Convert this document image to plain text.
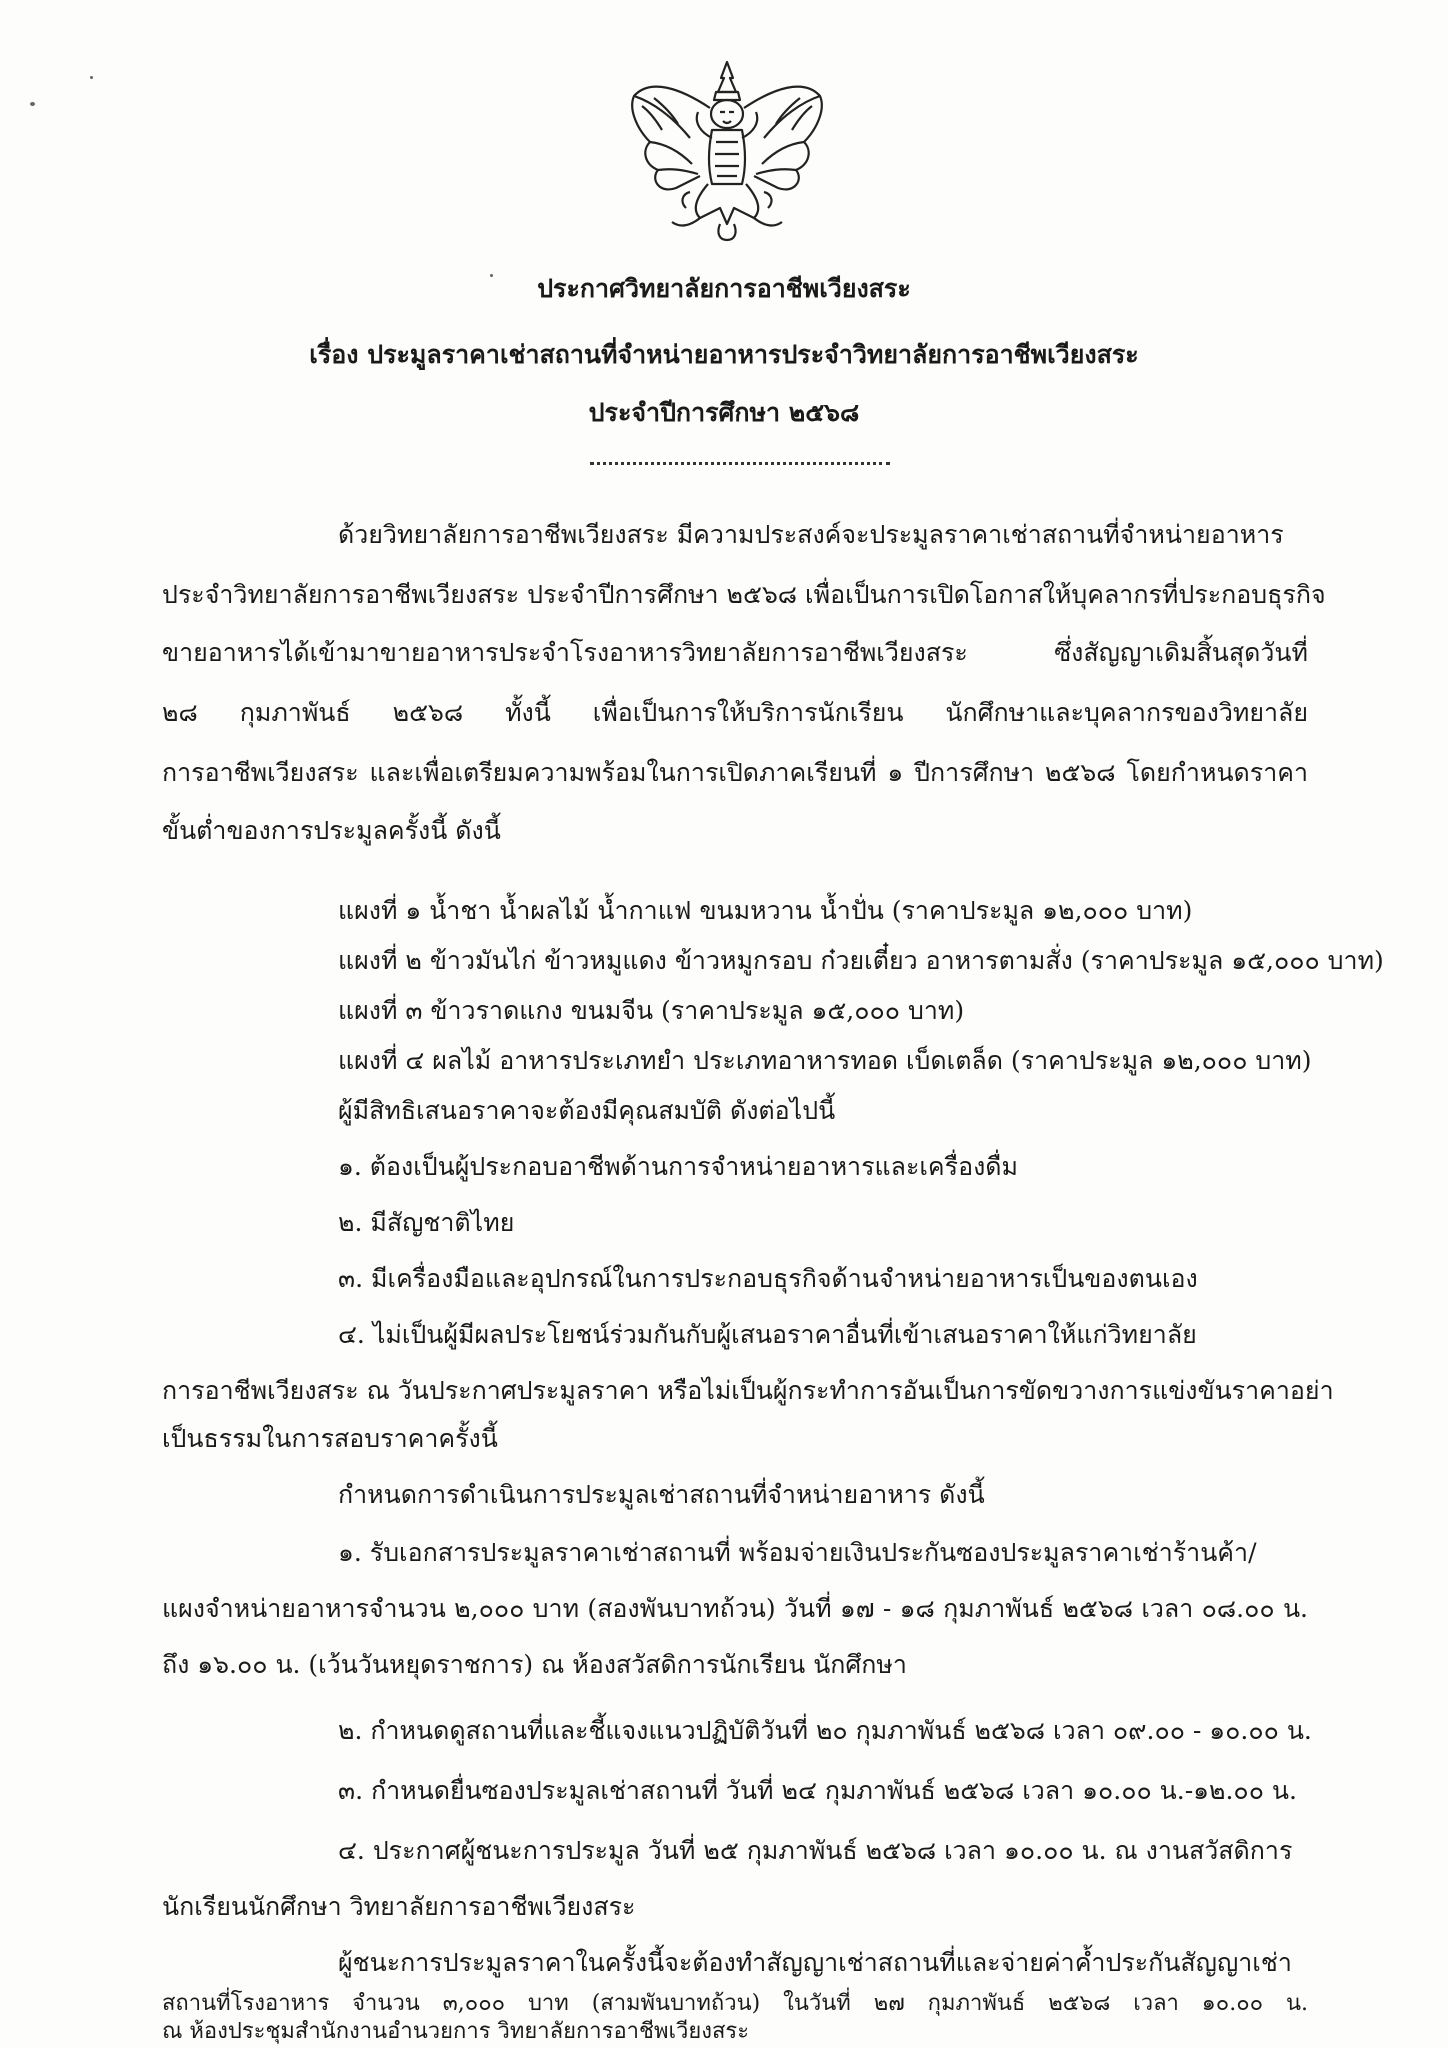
ประกาศวิทยาลัยการอาชีพเวียงสระ
เรื่อง ประมูลราคาเช่าสถานที่จำหน่ายอาหารประจำวิทยาลัยการอาชีพเวียงสระ
ประจำปีการศึกษา ๒๕๖๘
ด้วยวิทยาลัยการอาชีพเวียงสระ มีความประสงค์จะประมูลราคาเช่าสถานที่จำหน่ายอาหาร
ประจำวิทยาลัยการอาชีพเวียงสระ ประจำปีการศึกษา ๒๕๖๘ เพื่อเป็นการเปิดโอกาสให้บุคลากรที่ประกอบธุรกิจ
ขายอาหารได้เข้ามาขายอาหารประจำโรงอาหารวิทยาลัยการอาชีพเวียงสระ ซึ่งสัญญาเดิมสิ้นสุดวันที่
๒๘ กุมภาพันธ์ ๒๕๖๘ ทั้งนี้ เพื่อเป็นการให้บริการนักเรียน นักศึกษาและบุคลากรของวิทยาลัย
การอาชีพเวียงสระ และเพื่อเตรียมความพร้อมในการเปิดภาคเรียนที่ ๑ ปีการศึกษา ๒๕๖๘ โดยกำหนดราคา
ขั้นต่ำของการประมูลครั้งนี้ ดังนี้
แผงที่ ๑ น้ำชา น้ำผลไม้ น้ำกาแฟ ขนมหวาน น้ำปั่น (ราคาประมูล ๑๒,๐๐๐ บาท)
แผงที่ ๒ ข้าวมันไก่ ข้าวหมูแดง ข้าวหมูกรอบ ก๋วยเตี๋ยว อาหารตามสั่ง (ราคาประมูล ๑๕,๐๐๐ บาท)
แผงที่ ๓ ข้าวราดแกง ขนมจีน (ราคาประมูล ๑๕,๐๐๐ บาท)
แผงที่ ๔ ผลไม้ อาหารประเภทยำ ประเภทอาหารทอด เบ็ดเตล็ด (ราคาประมูล ๑๒,๐๐๐ บาท)
ผู้มีสิทธิเสนอราคาจะต้องมีคุณสมบัติ ดังต่อไปนี้
๑. ต้องเป็นผู้ประกอบอาชีพด้านการจำหน่ายอาหารและเครื่องดื่ม
๒. มีสัญชาติไทย
๓. มีเครื่องมือและอุปกรณ์ในการประกอบธุรกิจด้านจำหน่ายอาหารเป็นของตนเอง
๔. ไม่เป็นผู้มีผลประโยชน์ร่วมกันกับผู้เสนอราคาอื่นที่เข้าเสนอราคาให้แก่วิทยาลัย
การอาชีพเวียงสระ ณ วันประกาศประมูลราคา หรือไม่เป็นผู้กระทำการอันเป็นการขัดขวางการแข่งขันราคาอย่า
เป็นธรรมในการสอบราคาครั้งนี้
กำหนดการดำเนินการประมูลเช่าสถานที่จำหน่ายอาหาร ดังนี้
๑. รับเอกสารประมูลราคาเช่าสถานที่ พร้อมจ่ายเงินประกันซองประมูลราคาเช่าร้านค้า/
แผงจำหน่ายอาหารจำนวน ๒,๐๐๐ บาท (สองพันบาทถ้วน) วันที่ ๑๗ - ๑๘ กุมภาพันธ์ ๒๕๖๘ เวลา ๐๘.๐๐ น.
ถึง ๑๖.๐๐ น. (เว้นวันหยุดราชการ) ณ ห้องสวัสดิการนักเรียน นักศึกษา
๒. กำหนดดูสถานที่และชี้แจงแนวปฏิบัติวันที่ ๒๐ กุมภาพันธ์ ๒๕๖๘ เวลา ๐๙.๐๐ - ๑๐.๐๐ น.
๓. กำหนดยื่นซองประมูลเช่าสถานที่ วันที่ ๒๔ กุมภาพันธ์ ๒๕๖๘ เวลา ๑๐.๐๐ น.-๑๒.๐๐ น.
๔. ประกาศผู้ชนะการประมูล วันที่ ๒๕ กุมภาพันธ์ ๒๕๖๘ เวลา ๑๐.๐๐ น. ณ งานสวัสดิการ
นักเรียนนักศึกษา วิทยาลัยการอาชีพเวียงสระ
ผู้ชนะการประมูลราคาในครั้งนี้จะต้องทำสัญญาเช่าสถานที่และจ่ายค่าค้ำประกันสัญญาเช่า
สถานที่โรงอาหาร จำนวน ๓,๐๐๐ บาท (สามพันบาทถ้วน) ในวันที่ ๒๗ กุมภาพันธ์ ๒๕๖๘ เวลา ๑๐.๐๐ น.
ณ ห้องประชุมสำนักงานอำนวยการ วิทยาลัยการอาชีพเวียงสระ
